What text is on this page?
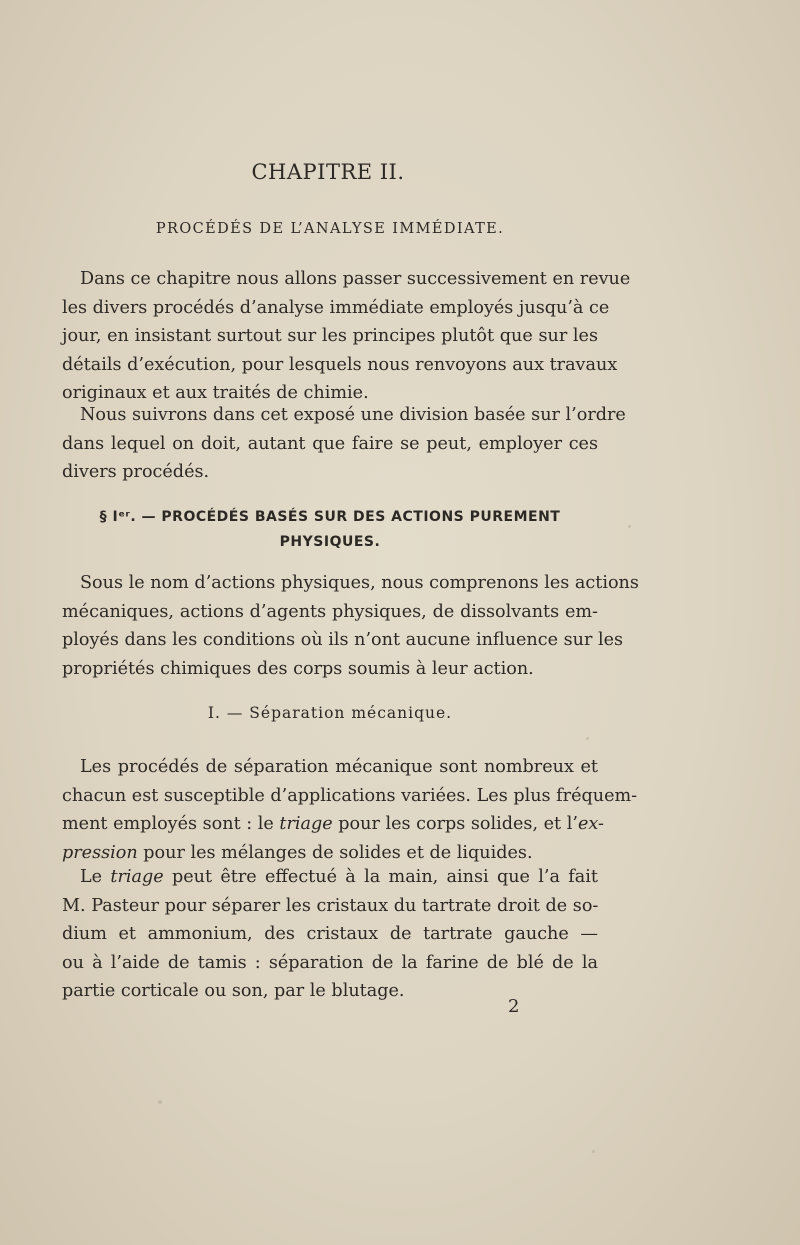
CHAPITRE II.
PROCÉDÉS DE L’ANALYSE IMMÉDIATE.
Dans ce chapitre nous allons passer successivement en revue
les divers procédés d’analyse immédiate employés jusqu’à ce
jour, en insistant surtout sur les principes plutôt que sur les
détails d’exécution, pour lesquels nous renvoyons aux travaux
originaux et aux traités de chimie.
Nous suivrons dans cet exposé une division basée sur l’ordre
dans lequel on doit, autant que faire se peut, employer ces
divers procédés.
§ Iᵉʳ. — PROCÉDÉS BASÉS SUR DES ACTIONS PUREMENT
PHYSIQUES.
Sous le nom d’actions physiques, nous comprenons les actions
mécaniques, actions d’agents physiques, de dissolvants em-
ployés dans les conditions où ils n’ont aucune influence sur les
propriétés chimiques des corps soumis à leur action.
I. — Séparation mécanique.
Les procédés de séparation mécanique sont nombreux et
chacun est susceptible d’applications variées. Les plus fréquem-
ment employés sont : le triage pour les corps solides, et l’ex-
pression pour les mélanges de solides et de liquides.
Le triage peut être effectué à la main, ainsi que l’a fait
M. Pasteur pour séparer les cristaux du tartrate droit de so-
dium et ammonium, des cristaux de tartrate gauche —
ou à l’aide de tamis : séparation de la farine de blé de la
partie corticale ou son, par le blutage.
2
